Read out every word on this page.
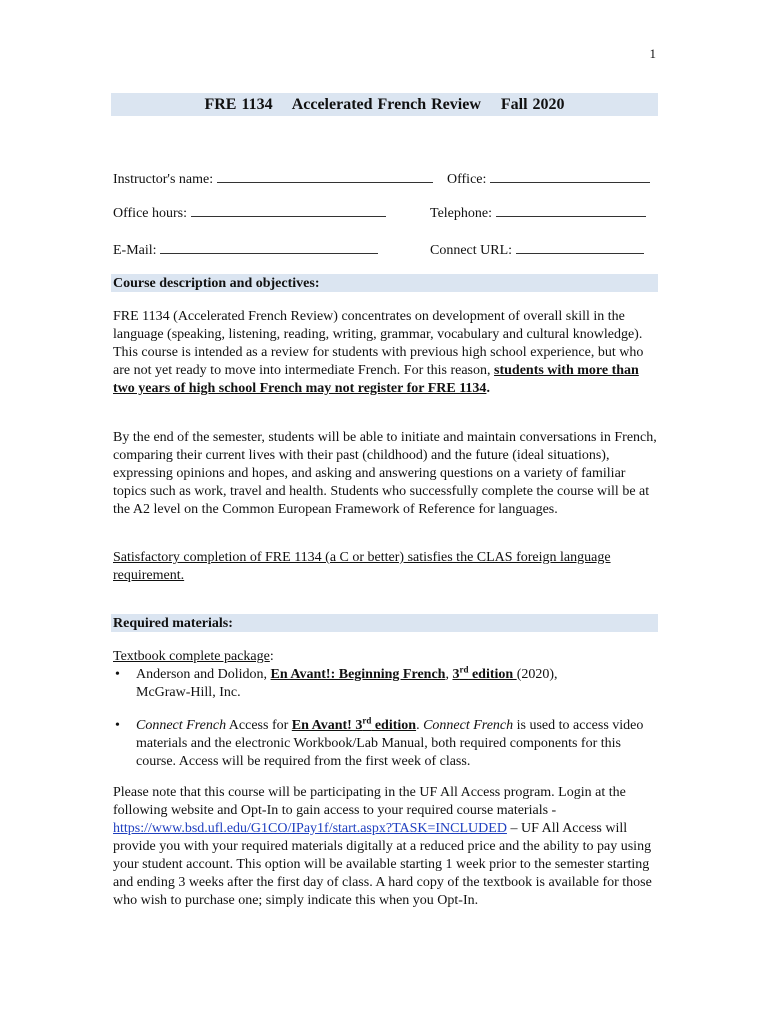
1
FRE 1134    Accelerated French Review    Fall 2020
Instructor's name:	Office:
Office hours:	Telephone:
E-Mail:	Connect URL:
Course description and objectives:

FRE 1134 (Accelerated French Review) concentrates on development of overall skill in the language (speaking, listening, reading, writing, grammar, vocabulary and cultural knowledge). This course is intended as a review for students with previous high school experience, but who are not yet ready to move into intermediate French. For this reason, students with more than two years of high school French may not register for FRE 1134.

By the end of the semester, students will be able to initiate and maintain conversations in French, comparing their current lives with their past (childhood) and the future (ideal situations), expressing opinions and hopes, and asking and answering questions on a variety of familiar topics such as work, travel and health. Students who successfully complete the course will be at the A2 level on the Common European Framework of Reference for languages.

Satisfactory completion of FRE 1134 (a C or better) satisfies the CLAS foreign language requirement.

Required materials:
Textbook complete package:
• Anderson and Dolidon, En Avant!: Beginning French, 3rd edition (2020),
McGraw-Hill, Inc.
• Connect French Access for En Avant! 3rd edition. Connect French is used to access video materials and the electronic Workbook/Lab Manual, both required components for this course. Access will be required from the first week of class.

Please note that this course will be participating in the UF All Access program. Login at the following website and Opt-In to gain access to your required course materials - https://www.bsd.ufl.edu/G1CO/IPay1f/start.aspx?TASK=INCLUDED – UF All Access will provide you with your required materials digitally at a reduced price and the ability to pay using your student account. This option will be available starting 1 week prior to the semester starting and ending 3 weeks after the first day of class. A hard copy of the textbook is available for those who wish to purchase one; simply indicate this when you Opt-In.
